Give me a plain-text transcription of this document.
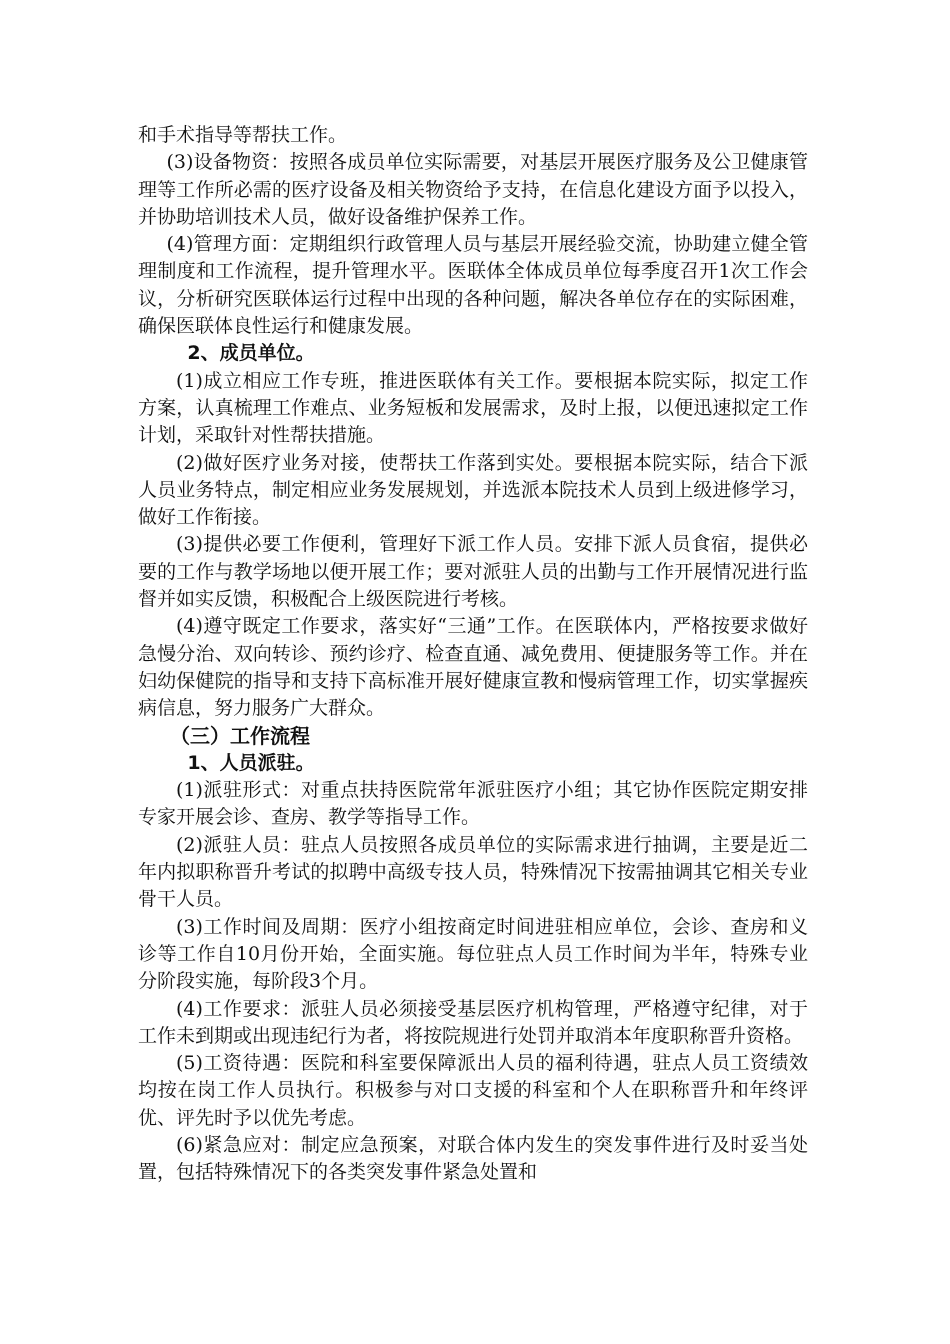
和手术指导等帮扶工作。

(3)设备物资：按照各成员单位实际需要，对基层开展医疗服务及公卫健康管理等工作所必需的医疗设备及相关物资给予支持，在信息化建设方面予以投入，并协助培训技术人员，做好设备维护保养工作。

(4)管理方面：定期组织行政管理人员与基层开展经验交流，协助建立健全管理制度和工作流程，提升管理水平。医联体全体成员单位每季度召开1次工作会议，分析研究医联体运行过程中出现的各种问题，解决各单位存在的实际困难，确保医联体良性运行和健康发展。

2、成员单位。

(1)成立相应工作专班，推进医联体有关工作。要根据本院实际，拟定工作方案，认真梳理工作难点、业务短板和发展需求，及时上报，以便迅速拟定工作计划，采取针对性帮扶措施。

(2)做好医疗业务对接，使帮扶工作落到实处。要根据本院实际，结合下派人员业务特点，制定相应业务发展规划，并选派本院技术人员到上级进修学习，做好工作衔接。

(3)提供必要工作便利，管理好下派工作人员。安排下派人员食宿，提供必要的工作与教学场地以便开展工作；要对派驻人员的出勤与工作开展情况进行监督并如实反馈，积极配合上级医院进行考核。

(4)遵守既定工作要求，落实好“三通”工作。在医联体内，严格按要求做好急慢分治、双向转诊、预约诊疗、检查直通、减免费用、便捷服务等工作。并在妇幼保健院的指导和支持下高标准开展好健康宣教和慢病管理工作，切实掌握疾病信息，努力服务广大群众。

（三）工作流程

1、人员派驻。

(1)派驻形式：对重点扶持医院常年派驻医疗小组；其它协作医院定期安排专家开展会诊、查房、教学等指导工作。

(2)派驻人员：驻点人员按照各成员单位的实际需求进行抽调，主要是近二年内拟职称晋升考试的拟聘中高级专技人员，特殊情况下按需抽调其它相关专业骨干人员。

(3)工作时间及周期：医疗小组按商定时间进驻相应单位，会诊、查房和义诊等工作自10月份开始，全面实施。每位驻点人员工作时间为半年，特殊专业分阶段实施，每阶段3个月。

(4)工作要求：派驻人员必须接受基层医疗机构管理，严格遵守纪律，对于工作未到期或出现违纪行为者，将按院规进行处罚并取消本年度职称晋升资格。

(5)工资待遇：医院和科室要保障派出人员的福利待遇，驻点人员工资绩效均按在岗工作人员执行。积极参与对口支援的科室和个人在职称晋升和年终评优、评先时予以优先考虑。

(6)紧急应对：制定应急预案，对联合体内发生的突发事件进行及时妥当处置，包括特殊情况下的各类突发事件紧急处置和
